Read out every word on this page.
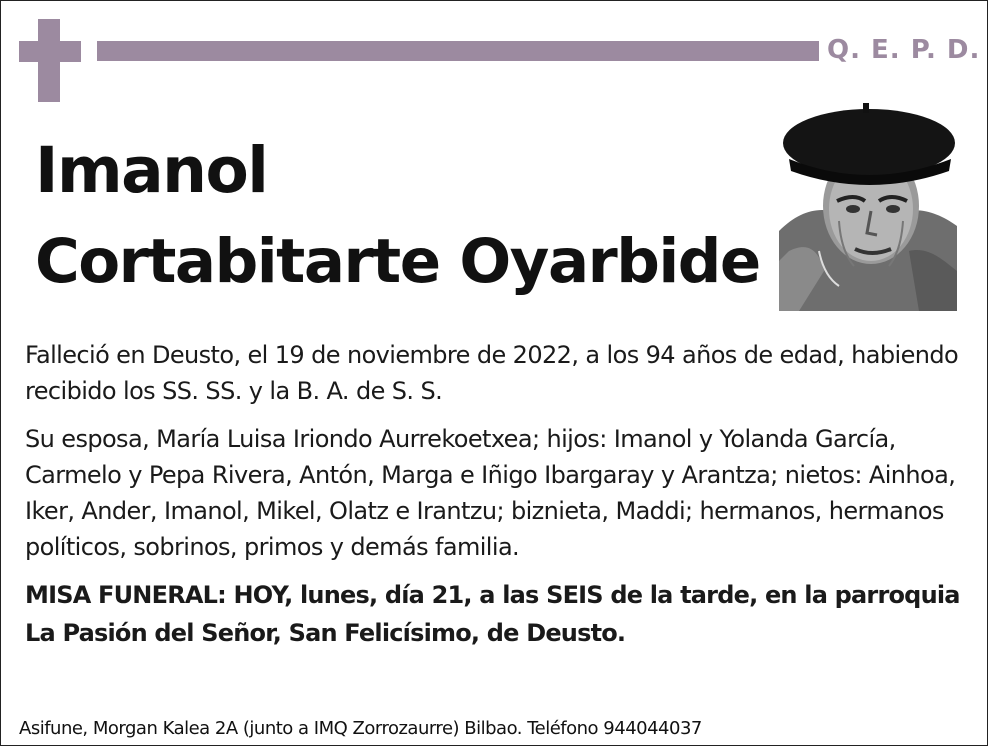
Q. E. P. D.
Imanol
Cortabitarte Oyarbide
Falleció en Deusto, el 19 de noviembre de 2022, a los 94 años de edad, habiendo recibido los SS. SS. y la B. A. de S. S.
Su esposa, María Luisa Iriondo Aurrekoetxea; hijos: Imanol y Yolanda García, Carmelo y Pepa Rivera, Antón, Marga e Iñigo Ibargaray y Arantza; nietos: Ainhoa, Iker, Ander, Imanol, Mikel, Olatz e Irantzu; biznieta, Maddi; hermanos, hermanos políticos, sobrinos, primos y demás familia.
MISA FUNERAL: HOY, lunes, día 21, a las SEIS de la tarde, en la parroquia La Pasión del Señor, San Felicísimo, de Deusto.
Asifune, Morgan Kalea 2A (junto a IMQ Zorrozaurre) Bilbao. Teléfono 944044037
